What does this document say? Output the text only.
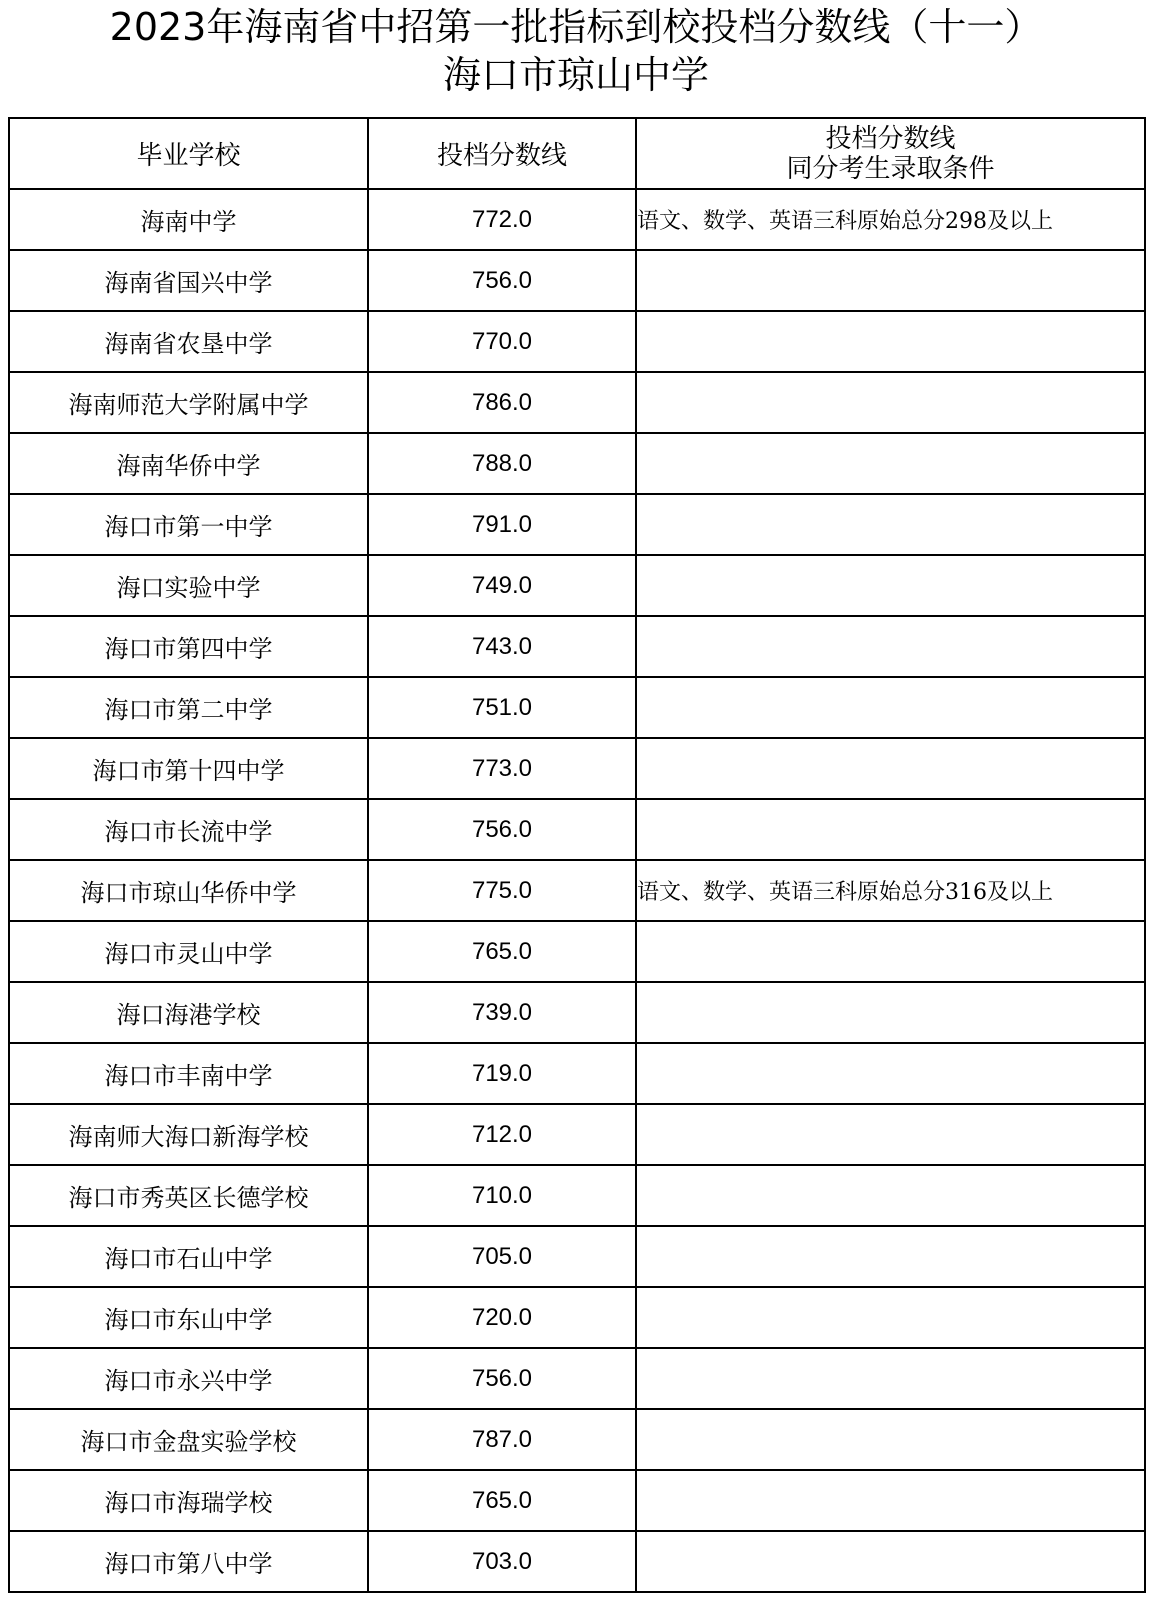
2023年海南省中招第一批指标到校投档分数线（十一）
海口市琼山中学
毕业学校	投档分数线	投档分数线
同分考生录取条件

海南中学	772.0	语文、数学、英语三科原始总分298及以上
海南省国兴中学	756.0	
海南省农垦中学	770.0	
海南师范大学附属中学	786.0	
海南华侨中学	788.0	
海口市第一中学	791.0	
海口实验中学	749.0	
海口市第四中学	743.0	
海口市第二中学	751.0	
海口市第十四中学	773.0	
海口市长流中学	756.0	
海口市琼山华侨中学	775.0	语文、数学、英语三科原始总分316及以上
海口市灵山中学	765.0	
海口海港学校	739.0	
海口市丰南中学	719.0	
海南师大海口新海学校	712.0	
海口市秀英区长德学校	710.0	
海口市石山中学	705.0	
海口市东山中学	720.0	
海口市永兴中学	756.0	
海口市金盘实验学校	787.0	
海口市海瑞学校	765.0	
海口市第八中学	703.0	
